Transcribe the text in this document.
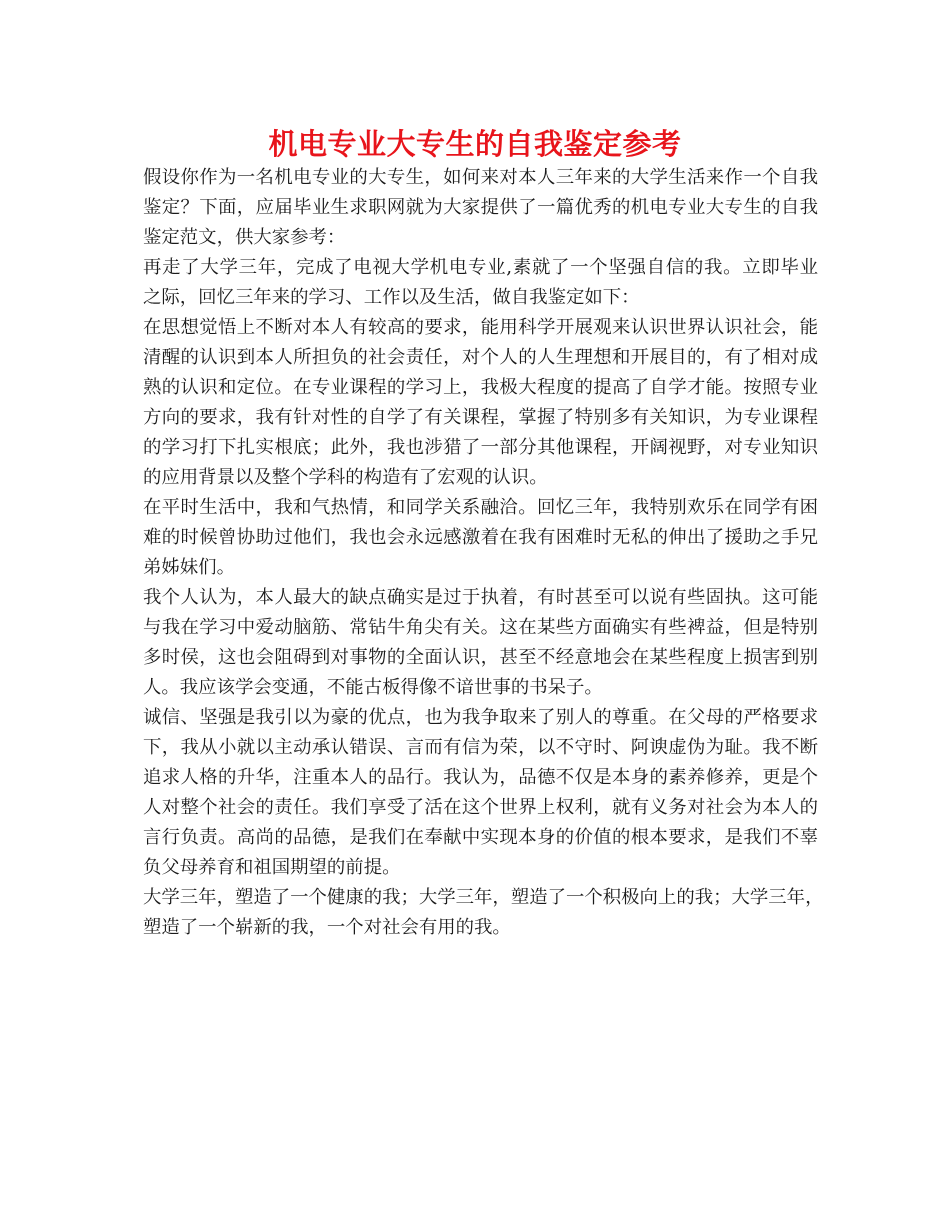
机电专业大专生的自我鉴定参考
假设你作为一名机电专业的大专生，如何来对本人三年来的大学生活来作一个自我
鉴定？下面，应届毕业生求职网就为大家提供了一篇优秀的机电专业大专生的自我
鉴定范文，供大家参考：
再走了大学三年，完成了电视大学机电专业,素就了一个坚强自信的我。立即毕业
之际，回忆三年来的学习、工作以及生活，做自我鉴定如下：
在思想觉悟上不断对本人有较高的要求，能用科学开展观来认识世界认识社会，能
清醒的认识到本人所担负的社会责任，对个人的人生理想和开展目的，有了相对成
熟的认识和定位。在专业课程的学习上，我极大程度的提高了自学才能。按照专业
方向的要求，我有针对性的自学了有关课程，掌握了特别多有关知识，为专业课程
的学习打下扎实根底；此外，我也涉猎了一部分其他课程，开阔视野，对专业知识
的应用背景以及整个学科的构造有了宏观的认识。
在平时生活中，我和气热情，和同学关系融洽。回忆三年，我特别欢乐在同学有困
难的时候曾协助过他们，我也会永远感激着在我有困难时无私的伸出了援助之手兄
弟姊妹们。
我个人认为，本人最大的缺点确实是过于执着，有时甚至可以说有些固执。这可能
与我在学习中爱动脑筋、常钻牛角尖有关。这在某些方面确实有些裨益，但是特别
多时侯，这也会阻碍到对事物的全面认识，甚至不经意地会在某些程度上损害到别
人。我应该学会变通，不能古板得像不谙世事的书呆子。
诚信、坚强是我引以为豪的优点，也为我争取来了别人的尊重。在父母的严格要求
下，我从小就以主动承认错误、言而有信为荣，以不守时、阿谀虚伪为耻。我不断
追求人格的升华，注重本人的品行。我认为，品德不仅是本身的素养修养，更是个
人对整个社会的责任。我们享受了活在这个世界上权利，就有义务对社会为本人的
言行负责。高尚的品德，是我们在奉献中实现本身的价值的根本要求，是我们不辜
负父母养育和祖国期望的前提。
大学三年，塑造了一个健康的我；大学三年，塑造了一个积极向上的我；大学三年，
塑造了一个崭新的我，一个对社会有用的我。
